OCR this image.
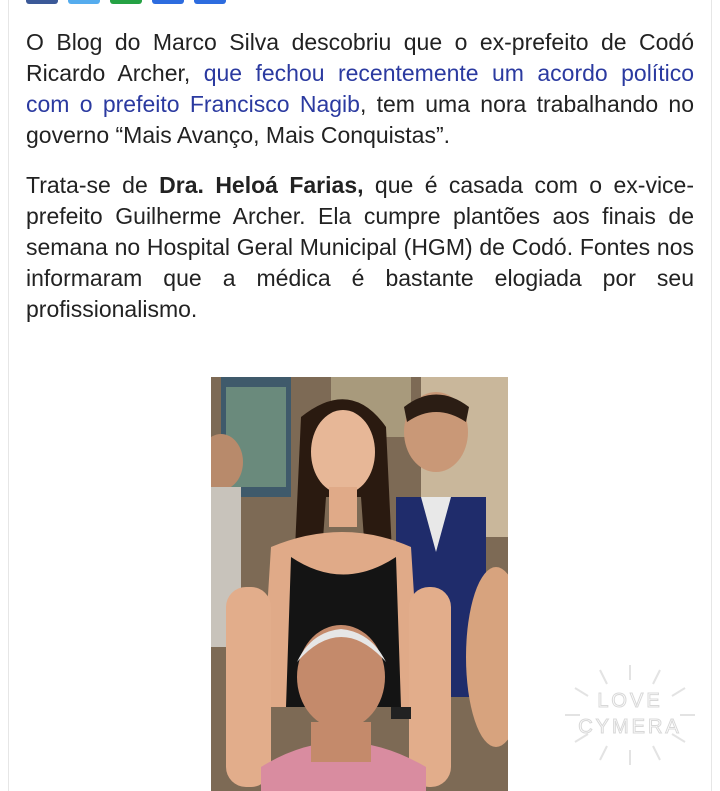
O Blog do Marco Silva descobriu que o ex-prefeito de Codó Ricardo Archer, que fechou recentemente um acordo político com o prefeito Francisco Nagib, tem uma nora trabalhando no governo “Mais Avanço, Mais Conquistas”.

Trata-se de Dra. Heloá Farias, que é casada com o ex-vice-prefeito Guilherme Archer. Ela cumpre plantões aos finais de semana no Hospital Geral Municipal (HGM) de Codó. Fontes nos informaram que a médica é bastante elogiada por seu profissionalismo.

LOVE
CYMERA
